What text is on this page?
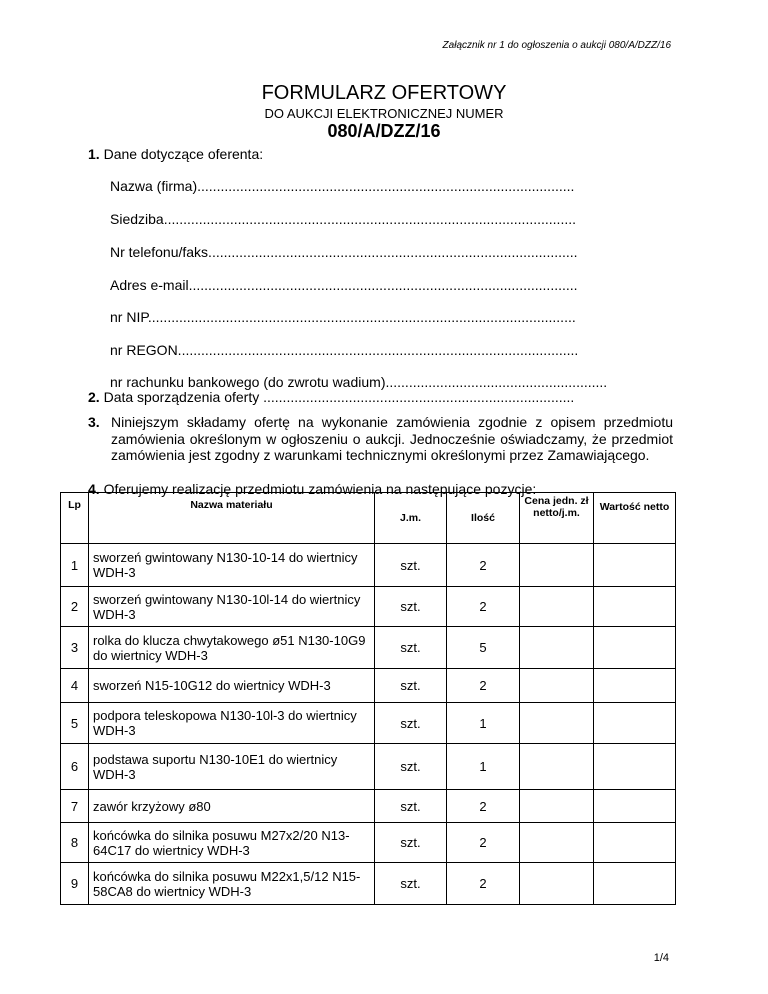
Załącznik nr 1 do ogłoszenia o aukcji 080/A/DZZ/16
FORMULARZ OFERTOWY
DO AUKCJI ELEKTRONICZNEJ NUMER
080/A/DZZ/16
1. Dane dotyczące oferenta:
Nazwa (firma).................................................................................................
Siedziba..........................................................................................................
Nr telefonu/faks...............................................................................................
Adres e-mail....................................................................................................
nr NIP..............................................................................................................
nr REGON.......................................................................................................
nr rachunku bankowego (do zwrotu wadium).........................................................
2. Data sporządzenia oferty ................................................................................
3. Niniejszym składamy ofertę na wykonanie zamówienia zgodnie z opisem przedmiotu zamówienia określonym w ogłoszeniu o aukcji. Jednocześnie oświadczamy, że przedmiot zamówienia jest zgodny z warunkami technicznymi określonymi przez Zamawiającego.
4. Oferujemy realizację przedmiotu zamówienia na następujące pozycje:
Lp	Nazwa materiału	J.m.	Ilość	Cena jedn. zł netto/j.m.	Wartość netto
1	sworzeń gwintowany N130-10-14 do wiertnicy WDH-3	szt.	2		
2	sworzeń gwintowany N130-10l-14 do wiertnicy WDH-3	szt.	2		
3	rolka do klucza chwytakowego ø51 N130-10G9 do wiertnicy WDH-3	szt.	5		
4	sworzeń N15-10G12 do wiertnicy WDH-3	szt.	2		
5	podpora teleskopowa N130-10l-3 do wiertnicy WDH-3	szt.	1		
6	podstawa suportu N130-10E1 do wiertnicy WDH-3	szt.	1		
7	zawór krzyżowy ø80	szt.	2		
8	końcówka do silnika posuwu M27x2/20 N13-64C17 do wiertnicy WDH-3	szt.	2		
9	końcówka do silnika posuwu M22x1,5/12 N15-58CA8 do wiertnicy WDH-3	szt.	2		
1/4
